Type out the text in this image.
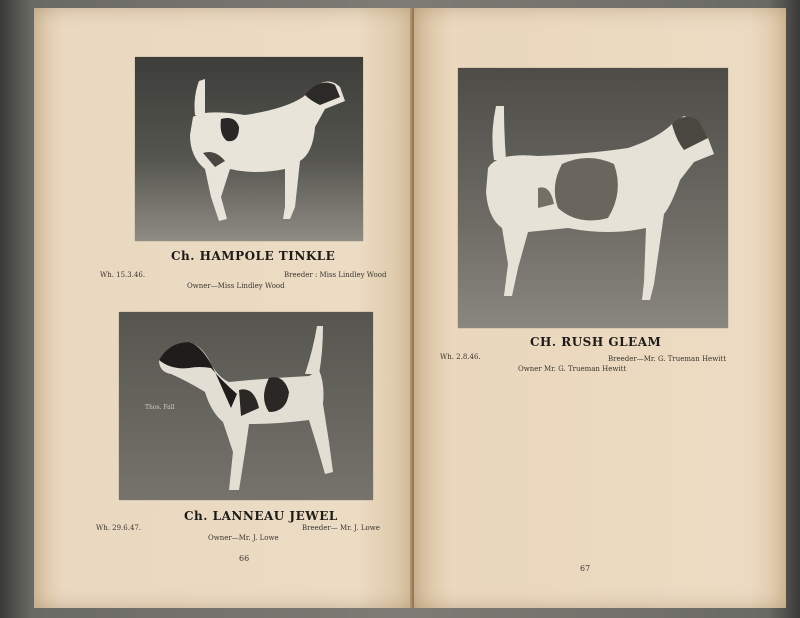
Ch. HAMPOLE TINKLE
Wh. 15.3.46.	Breeder : Miss Lindley Wood
Owner—Miss Lindley Wood
Thos. Fall
Ch. LANNEAU JEWEL
Wh. 29.6.47.	Breeder— Mr. J. Lowe
Owner—Mr. J. Lowe
66
CH. RUSH GLEAM
Wh. 2.8.46.	Breeder—Mr. G. Trueman Hewitt
Owner Mr. G. Trueman Hewitt
67
